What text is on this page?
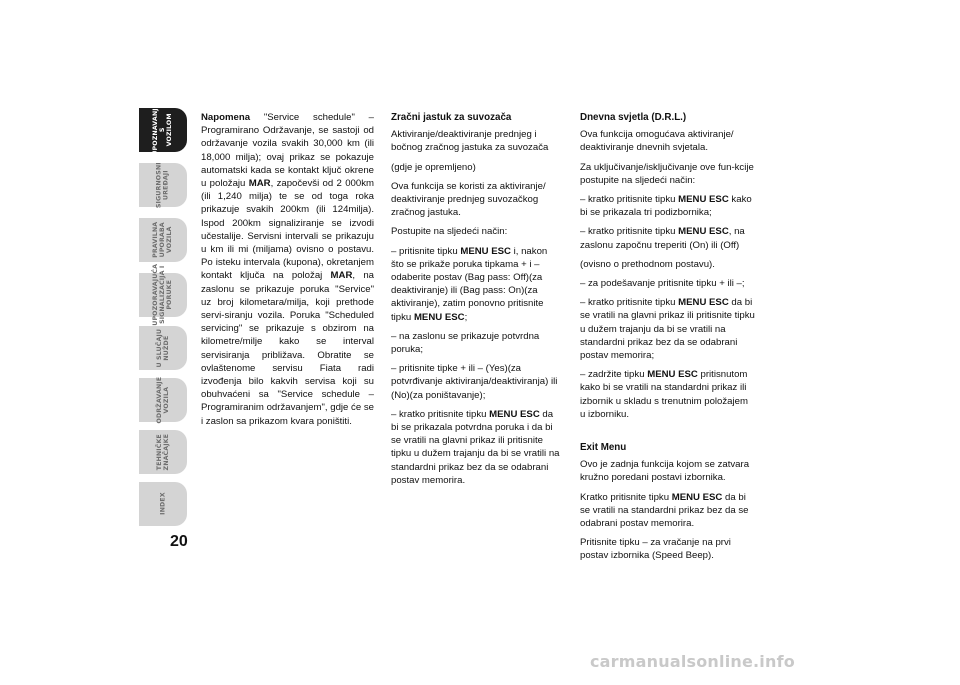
UPOZNAVANJE
S
VOZILOM
SIGURNOSNI
UREĐAJI
PRAVILNA
UPORABA
VOZILA
UPOZORAVAJUĆA
SIGNALIZACIJA I
PORUKE
U SLUČAJU
NUŽDE
ODRŽAVANJE
VOZILA
TEHNIČKE
ZNAČAJKE
INDEX
20

Napomena "Service schedule" – Programirano Održavanje, se sastoji od održavanje vozila svakih 30,000 km (ili 18,000 milja); ovaj prikaz se pokazuje automatski kada se kontakt ključ okrene u položaju MAR, započevši od 2 000km (ili 1,240 milja) te se od toga roka prikazuje svakih 200km (ili 124milja). Ispod 200km signaliziranje se izvodi učestalije. Servisni intervali se prikazuju u km ili mi (miljama) ovisno o postavu. Po isteku intervala (kupona), okretanjem kontakt ključa na položaj MAR, na zaslonu se prikazuje poruka "Service" uz broj kilometara/milja, koji prethode servi-siranju vozila. Poruka "Scheduled servicing" se prikazuje s obzirom na kilometre/milje kako se interval servisiranja približava. Obratite se ovlaštenome servisu Fiata radi izvođenja bilo kakvih servisa koji su obuhvaćeni sa "Service schedule –Programiranim održavanjem", gdje će se i zaslon sa prikazom kvara poništiti.

Zračni jastuk za suvozača

Aktiviranje/deaktiviranje prednjeg i bočnog zračnog jastuka za suvozača

(gdje je opremljeno)

Ova funkcija se koristi za aktiviranje/ deaktiviranje prednjeg suvozačkog zračnog jastuka.

Postupite na sljedeći način:

– pritisnite tipku MENU ESC i, nakon što se prikaže poruka tipkama + i – odaberite postav (Bag pass: Off)(za deaktiviranje) ili (Bag pass: On)(za aktiviranje), zatim ponovno pritisnite tipku MENU ESC;

– na zaslonu se prikazuje potvrdna poruka;

– pritisnite tipke + ili – (Yes)(za potvrđivanje aktiviranja/deaktiviranja) ili (No)(za poništavanje);

– kratko pritisnite tipku MENU ESC da bi se prikazala potvrdna poruka i da bi se vratili na glavni prikaz ili pritisnite tipku u dužem trajanju da bi se vratili na standardni prikaz bez da se odabrani postav memorira.

Dnevna svjetla (D.R.L.)

Ova funkcija omogućava aktiviranje/ deaktiviranje dnevnih svjetala.

Za uključivanje/isključivanje ove fun-kcije postupite na sljedeći način:

– kratko pritisnite tipku MENU ESC kako bi se prikazala tri podizbornika;

– kratko pritisnite tipku MENU ESC, na zaslonu započnu treperiti (On) ili (Off)

(ovisno o prethodnom postavu).

– za podešavanje pritisnite tipku + ili –;

– kratko pritisnite tipku MENU ESC da bi se vratili na glavni prikaz ili pritisnite tipku u dužem trajanju da bi se vratili na standardni prikaz bez da se odabrani postav memorira;

– zadržite tipku MENU ESC pritisnutom kako bi se vratili na standardni prikaz ili izbornik u skladu s trenutnim položajem u izborniku.

Exit Menu

Ovo je zadnja funkcija kojom se zatvara kružno poredani postavi izbornika.

Kratko pritisnite tipku MENU ESC da bi se vratili na standardni prikaz bez da se odabrani postav memorira.

Pritisnite tipku – za vračanje na prvi postav izbornika (Speed Beep).

carmanualsonline.info
